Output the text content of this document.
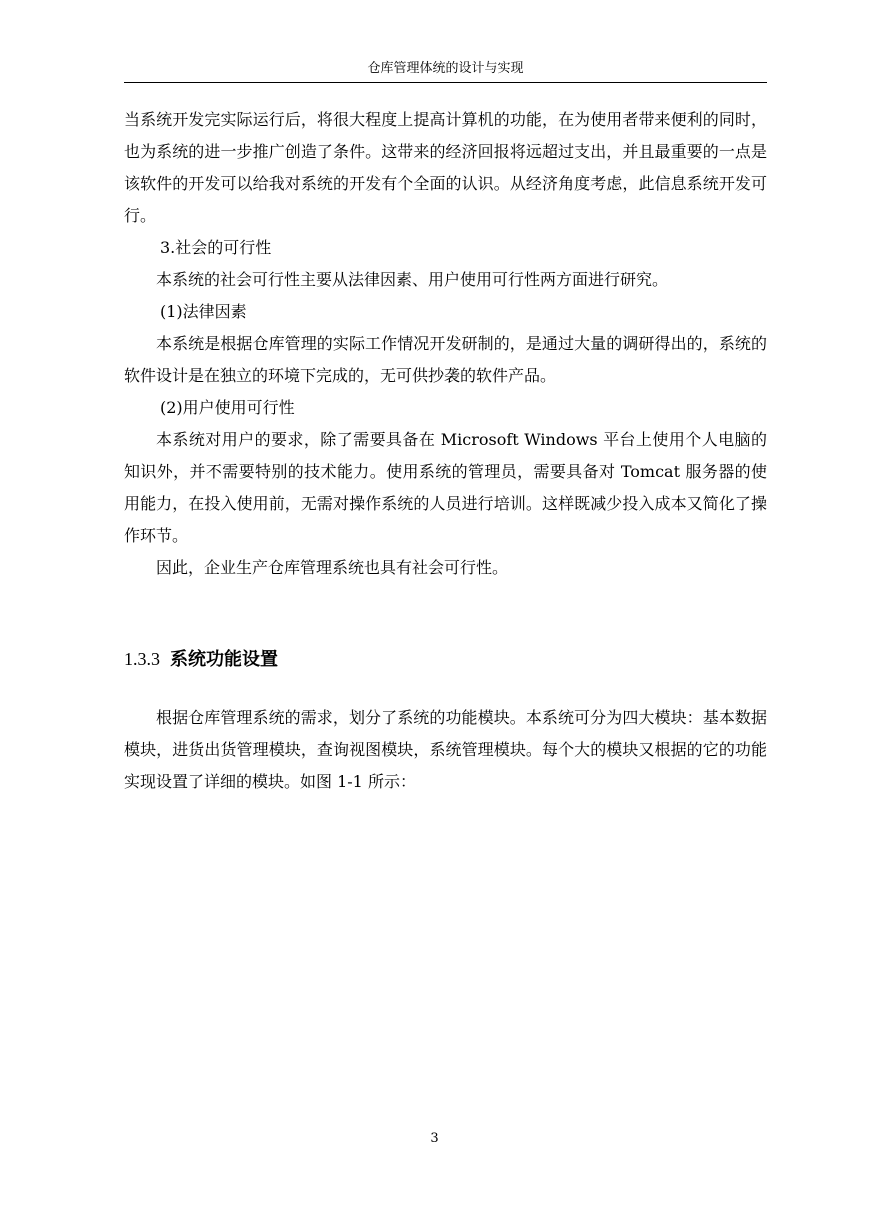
仓库管理体统的设计与实现

当系统开发完实际运行后，将很大程度上提高计算机的功能，在为使用者带来便利的同时，也为系统的进一步推广创造了条件。这带来的经济回报将远超过支出，并且最重要的一点是该软件的开发可以给我对系统的开发有个全面的认识。从经济角度考虑，此信息系统开发可行。

3.社会的可行性

本系统的社会可行性主要从法律因素、用户使用可行性两方面进行研究。

(1)法律因素

本系统是根据仓库管理的实际工作情况开发研制的，是通过大量的调研得出的，系统的软件设计是在独立的环境下完成的，无可供抄袭的软件产品。

(2)用户使用可行性

本系统对用户的要求，除了需要具备在 Microsoft Windows 平台上使用个人电脑的知识外，并不需要特别的技术能力。使用系统的管理员，需要具备对 Tomcat 服务器的使用能力，在投入使用前，无需对操作系统的人员进行培训。这样既减少投入成本又简化了操作环节。

因此，企业生产仓库管理系统也具有社会可行性。

1.3.3 系统功能设置

根据仓库管理系统的需求，划分了系统的功能模块。本系统可分为四大模块：基本数据模块，进货出货管理模块，查询视图模块，系统管理模块。每个大的模块又根据的它的功能实现设置了详细的模块。如图 1-1 所示：

3
